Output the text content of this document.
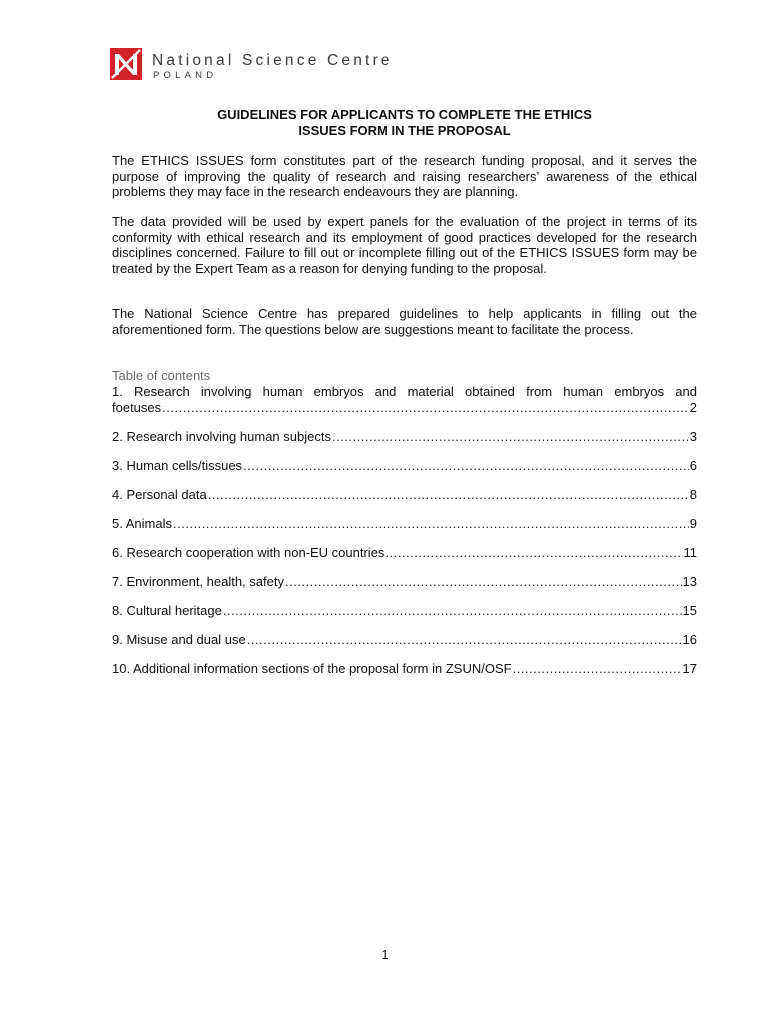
National Science Centre
POLAND
GUIDELINES FOR APPLICANTS TO COMPLETE THE ETHICS
ISSUES FORM IN THE PROPOSAL
The ETHICS ISSUES form constitutes part of the research funding proposal, and it serves the purpose of improving the quality of research and raising researchers’ awareness of the ethical problems they may face in the research endeavours they are planning.
The data provided will be used by expert panels for the evaluation of the project in terms of its conformity with ethical research and its employment of good practices developed for the research disciplines concerned. Failure to fill out or incomplete filling out of the ETHICS ISSUES form may be treated by the Expert Team as a reason for denying funding to the proposal.
The National Science Centre has prepared guidelines to help applicants in filling out the aforementioned form. The questions below are suggestions meant to facilitate the process.
Table of contents
1. Research involving human embryos and material obtained from human embryos and
foetuses .....	2
2. Research involving human subjects .....	3
3. Human cells/tissues .....	6
4. Personal data .....	8
5. Animals .....	9
6. Research cooperation with non-EU countries .....	11
7. Environment, health, safety .....	13
8. Cultural heritage .....	15
9. Misuse and dual use .....	16
10. Additional information sections of the proposal form in ZSUN/OSF .....	17
1
